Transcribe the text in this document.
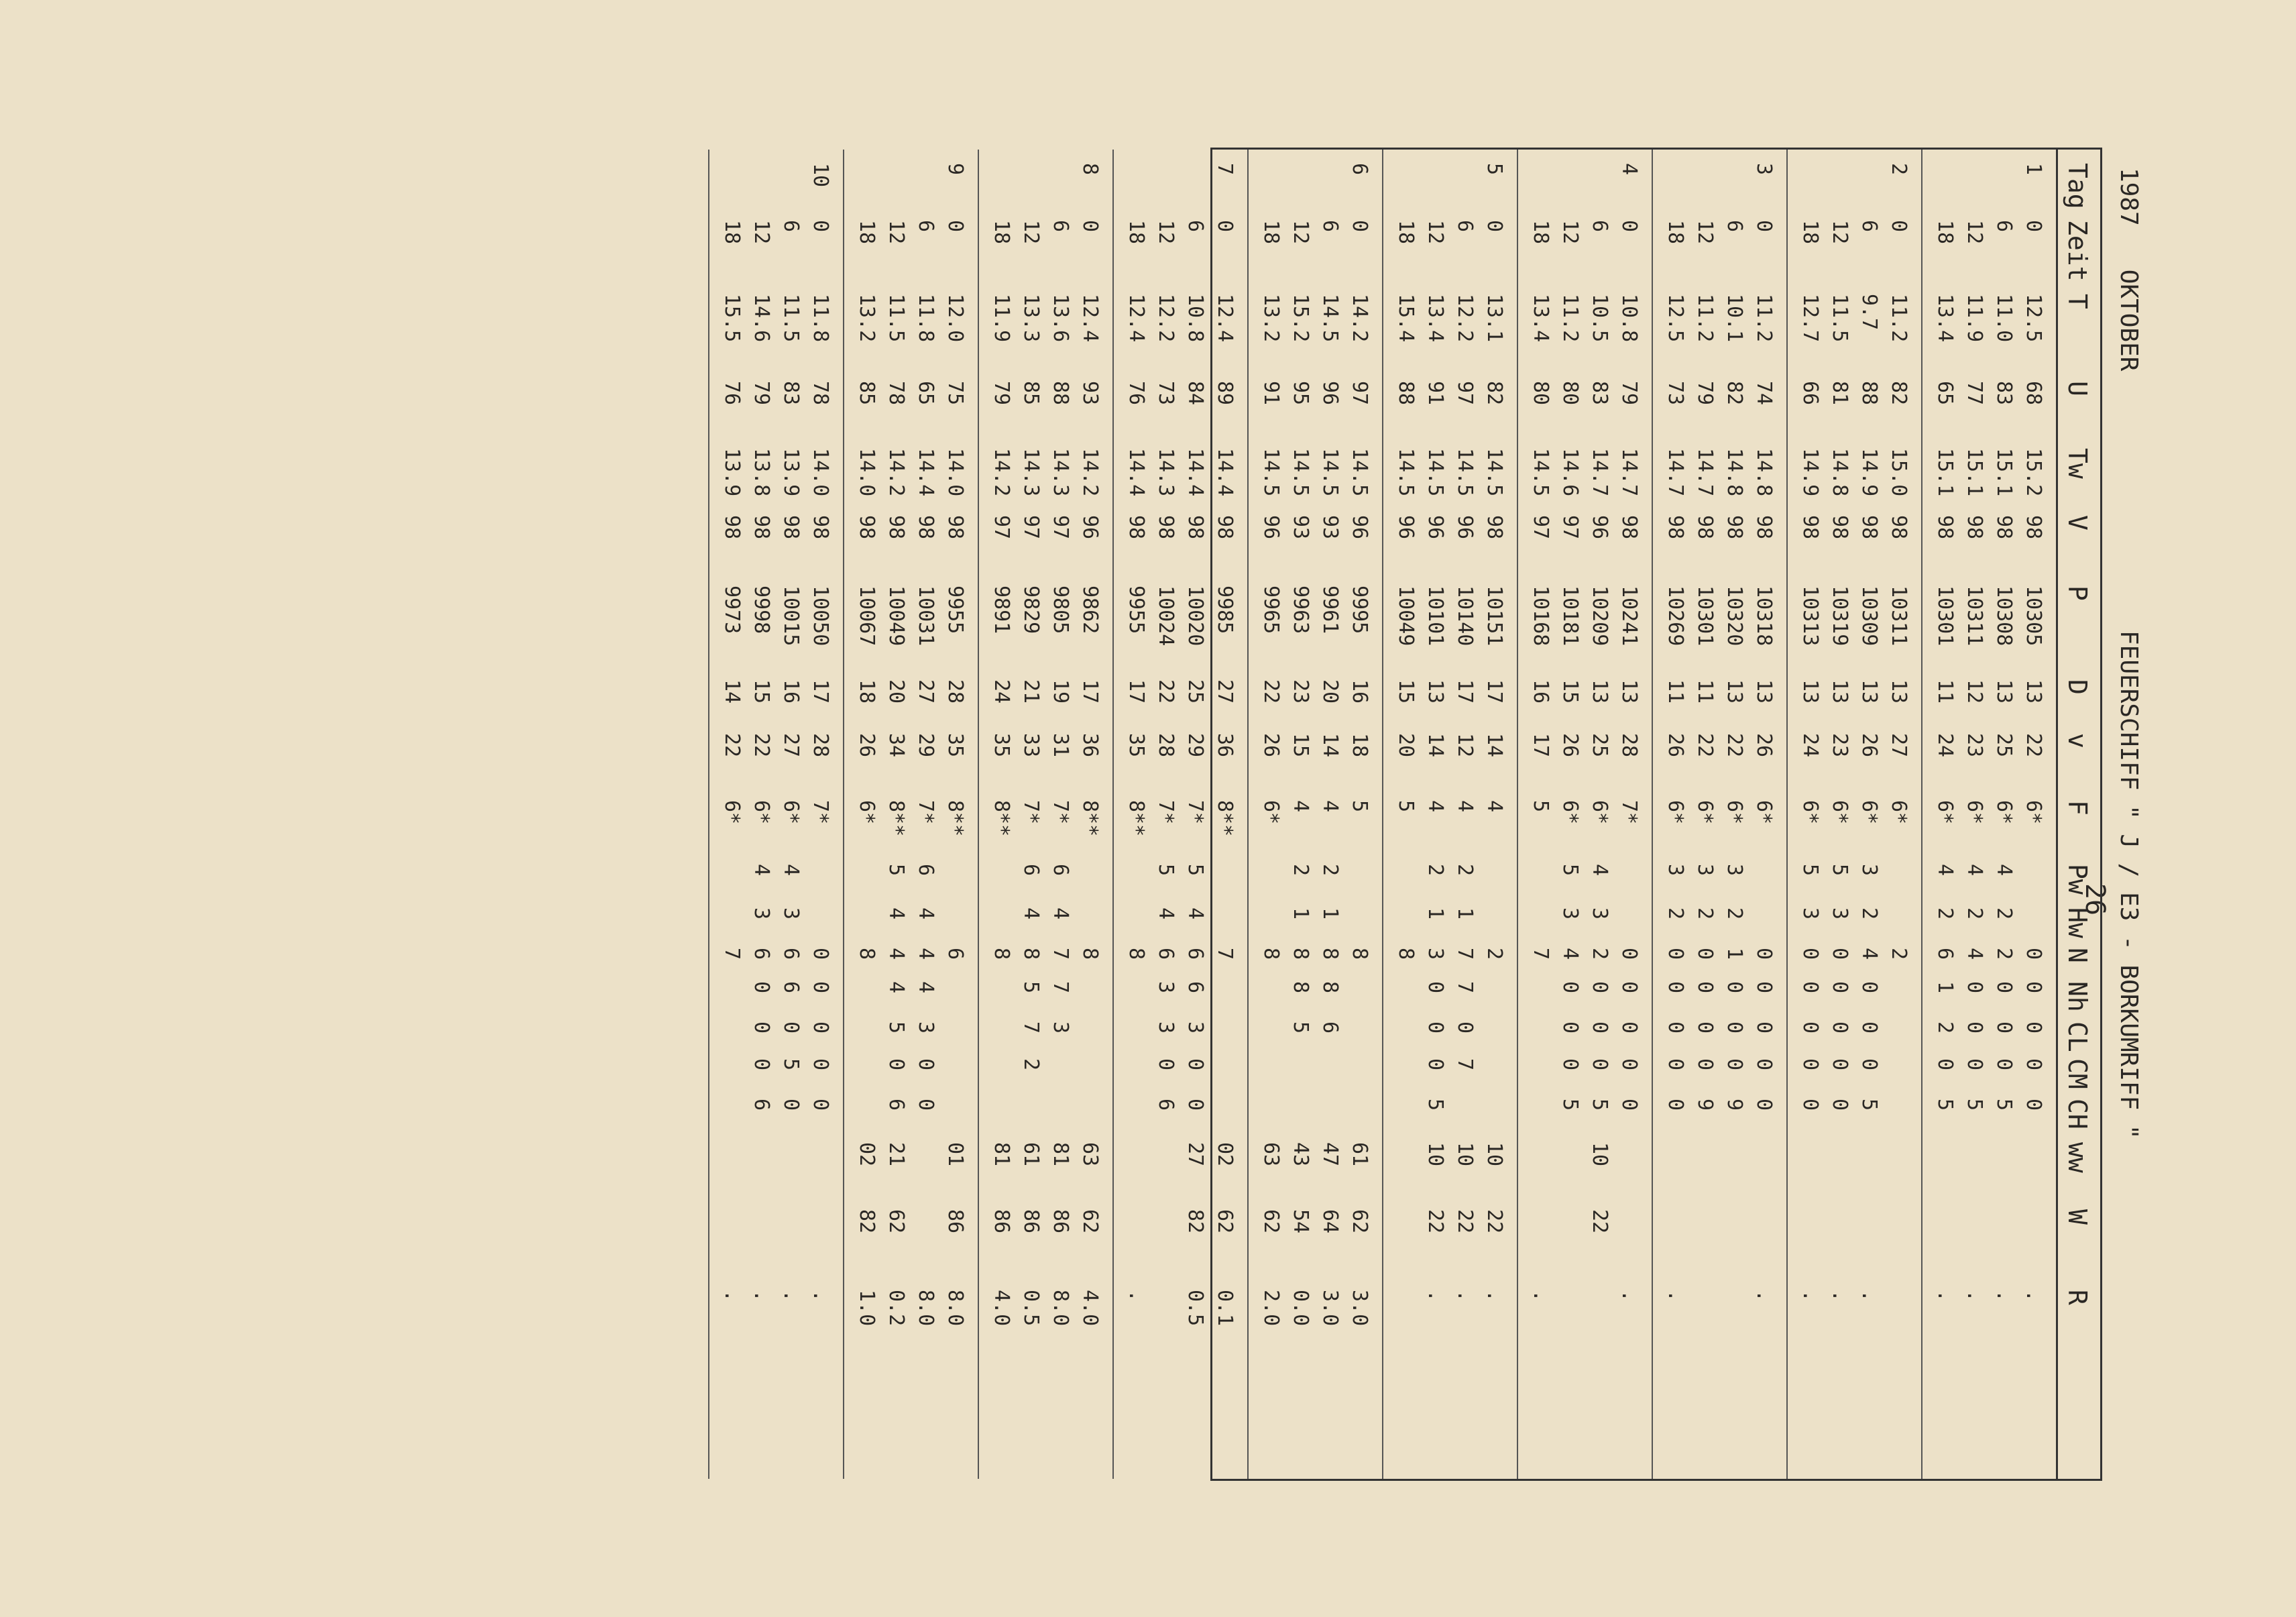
26

1987   OKTOBER

FEUERSCHIFF " J / E3 - BORKUMRIFF "

Tag
Zeit
T
U
Tw
V
P
D
v
F
Pw
Hw
N
Nh
CL
CM
CH
ww
W
R
1
0
12.5
68
15.2
98
10305
13
22
6*
0
0
0
0
0
.
6
11.0
83
15.1
98
10308
13
25
6*
4
2
2
0
0
0
5
.
12
11.9
77
15.1
98
10311
12
23
6*
4
2
4
0
0
0
5
.
18
13.4
65
15.1
98
10301
11
24
6*
4
2
6
1
2
0
5
.
2
0
11.2
82
15.0
98
10311
13
27
6*
2
6
9.7
88
14.9
98
10309
13
26
6*
3
2
4
0
0
0
5
.
12
11.5
81
14.8
98
10319
13
23
6*
5
3
0
0
0
0
0
.
18
12.7
66
14.9
98
10313
13
24
6*
5
3
0
0
0
0
0
.
3
0
11.2
74
14.8
98
10318
13
26
6*
0
0
0
0
0
.
6
10.1
82
14.8
98
10320
13
22
6*
3
2
1
0
0
0
9
12
11.2
79
14.7
98
10301
11
22
6*
3
2
0
0
0
0
9
18
12.5
73
14.7
98
10269
11
26
6*
3
2
0
0
0
0
0
.
4
0
10.8
79
14.7
98
10241
13
28
7*
0
0
0
0
0
.
6
10.5
83
14.7
96
10209
13
25
6*
4
3
2
0
0
0
5
10
22
12
11.2
80
14.6
97
10181
15
26
6*
5
3
4
0
0
0
5
18
13.4
80
14.5
97
10168
16
17
5
7
.
5
0
13.1
82
14.5
98
10151
17
14
4
2
10
22
.
6
12.2
97
14.5
96
10140
17
12
4
2
1
7
7
0
7
10
22
.
12
13.4
91
14.5
96
10101
13
14
4
2
1
3
0
0
0
5
10
22
.
18
15.4
88
14.5
96
10049
15
20
5
8
6
0
14.2
97
14.5
96
9995
16
18
5
8
61
62
3.0
6
14.5
96
14.5
93
9961
20
14
4
2
1
8
8
6
47
64
3.0
12
15.2
95
14.5
93
9963
23
15
4
2
1
8
8
5
43
54
0.0
18
13.2
91
14.5
96
9965
22
26
6*
8
63
62
2.0
7
0
12.4
89
14.4
98
9985
27
36
8**
7
02
62
0.1
6
10.8
84
14.4
98
10020
25
29
7*
5
4
6
6
3
0
0
27
82
0.5
12
12.2
73
14.3
98
10024
22
28
7*
5
4
6
3
3
0
6
18
12.4
76
14.4
98
9955
17
35
8**
8
.
8
0
12.4
93
14.2
96
9862
17
36
8**
8
63
62
4.0
6
13.6
88
14.3
97
9805
19
31
7*
6
4
7
7
3
81
86
8.0
12
13.3
85
14.3
97
9829
21
33
7*
6
4
8
5
7
2
61
86
0.5
18
11.9
79
14.2
97
9891
24
35
8**
8
81
86
4.0
9
0
12.0
75
14.0
98
9955
28
35
8**
6
01
86
8.0
6
11.8
65
14.4
98
10031
27
29
7*
6
4
4
4
3
0
0
8.0
12
11.5
78
14.2
98
10049
20
34
8**
5
4
4
4
5
0
6
21
62
0.2
18
13.2
85
14.0
98
10067
18
26
6*
8
02
82
1.0
10
0
11.8
78
14.0
98
10050
17
28
7*
0
0
0
0
0
.
6
11.5
83
13.9
98
10015
16
27
6*
4
3
6
6
0
5
0
.
12
14.6
79
13.8
98
9998
15
22
6*
4
3
6
0
0
0
6
.
18
15.5
76
13.9
98
9973
14
22
6*
7
.
